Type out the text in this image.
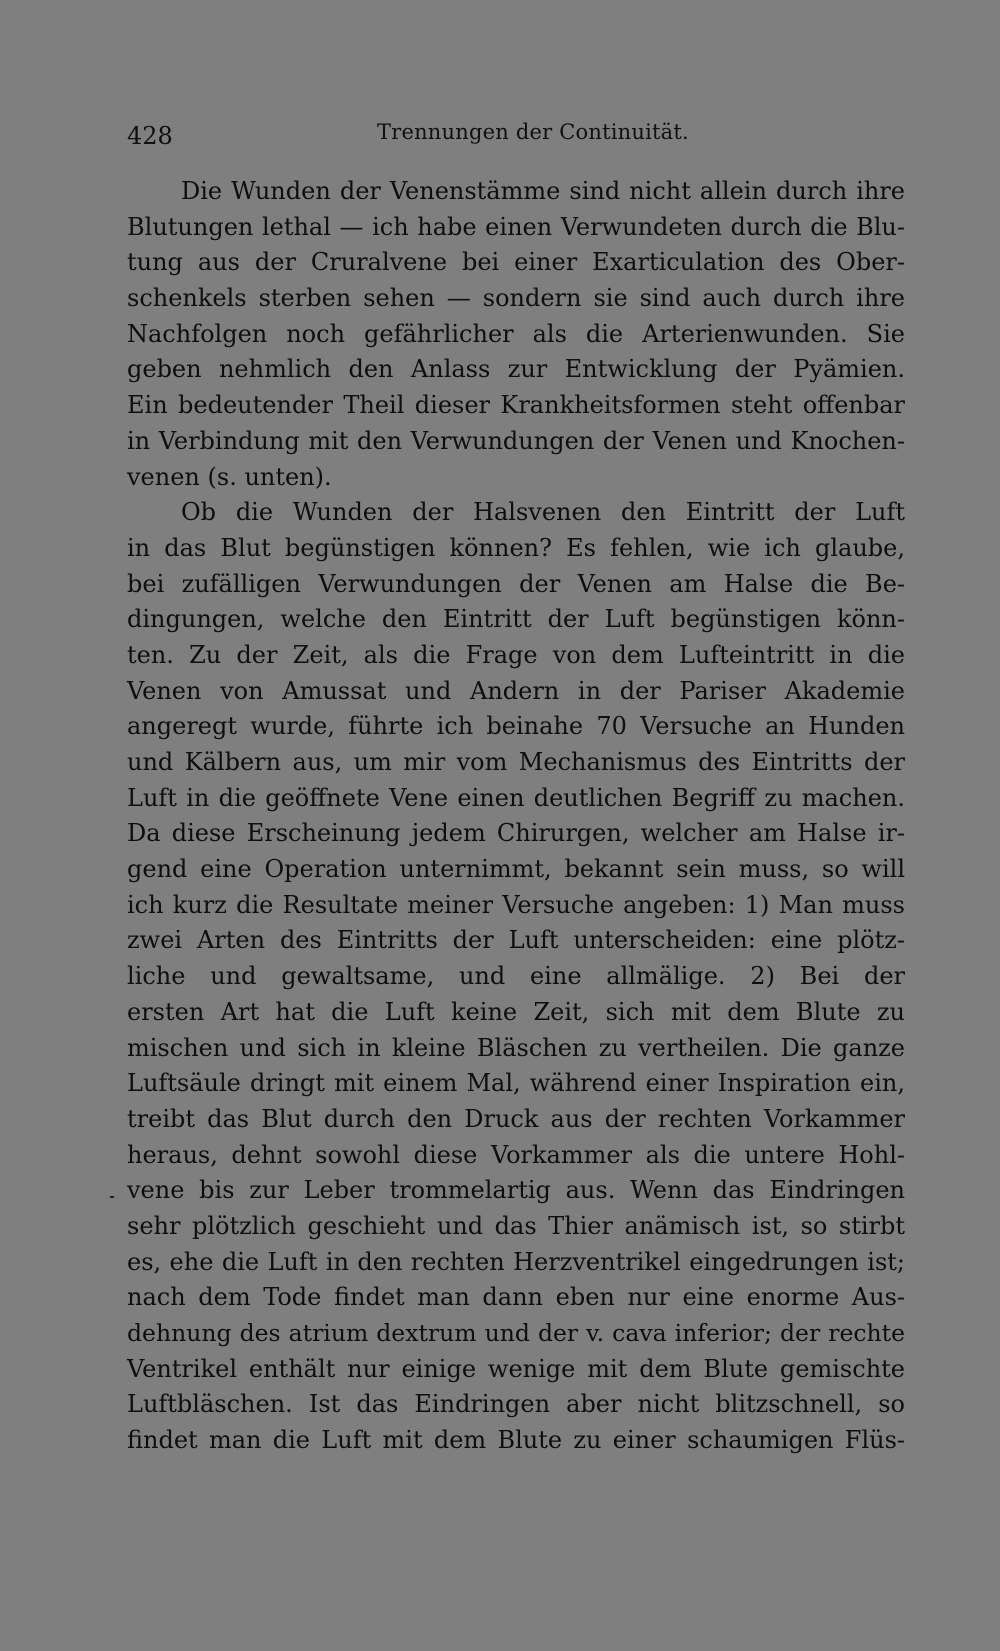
428	Trennungen der Continuität.
Die Wunden der Venenstämme sind nicht allein durch ihre
Blutungen lethal — ich habe einen Verwundeten durch die Blu-
tung aus der Cruralvene bei einer Exarticulation des Ober-
schenkels sterben sehen — sondern sie sind auch durch ihre
Nachfolgen noch gefährlicher als die Arterienwunden. Sie
geben nehmlich den Anlass zur Entwicklung der Pyämien.
Ein bedeutender Theil dieser Krankheitsformen steht offenbar
in Verbindung mit den Verwundungen der Venen und Knochen-
venen (s. unten).
Ob die Wunden der Halsvenen den Eintritt der Luft
in das Blut begünstigen können? Es fehlen, wie ich glaube,
bei zufälligen Verwundungen der Venen am Halse die Be-
dingungen, welche den Eintritt der Luft begünstigen könn-
ten. Zu der Zeit, als die Frage von dem Lufteintritt in die
Venen von Amussat und Andern in der Pariser Akademie
angeregt wurde, führte ich beinahe 70 Versuche an Hunden
und Kälbern aus, um mir vom Mechanismus des Eintritts der
Luft in die geöffnete Vene einen deutlichen Begriff zu machen.
Da diese Erscheinung jedem Chirurgen, welcher am Halse ir-
gend eine Operation unternimmt, bekannt sein muss, so will
ich kurz die Resultate meiner Versuche angeben: 1) Man muss
zwei Arten des Eintritts der Luft unterscheiden: eine plötz-
liche und gewaltsame, und eine allmälige. 2) Bei der
ersten Art hat die Luft keine Zeit, sich mit dem Blute zu
mischen und sich in kleine Bläschen zu vertheilen. Die ganze
Luftsäule dringt mit einem Mal, während einer Inspiration ein,
treibt das Blut durch den Druck aus der rechten Vorkammer
heraus, dehnt sowohl diese Vorkammer als die untere Hohl-
vene bis zur Leber trommelartig aus. Wenn das Eindringen
sehr plötzlich geschieht und das Thier anämisch ist, so stirbt
es, ehe die Luft in den rechten Herzventrikel eingedrungen ist;
nach dem Tode findet man dann eben nur eine enorme Aus-
dehnung des atrium dextrum und der v. cava inferior; der rechte
Ventrikel enthält nur einige wenige mit dem Blute gemischte
Luftbläschen. Ist das Eindringen aber nicht blitzschnell, so
findet man die Luft mit dem Blute zu einer schaumigen Flüs-
